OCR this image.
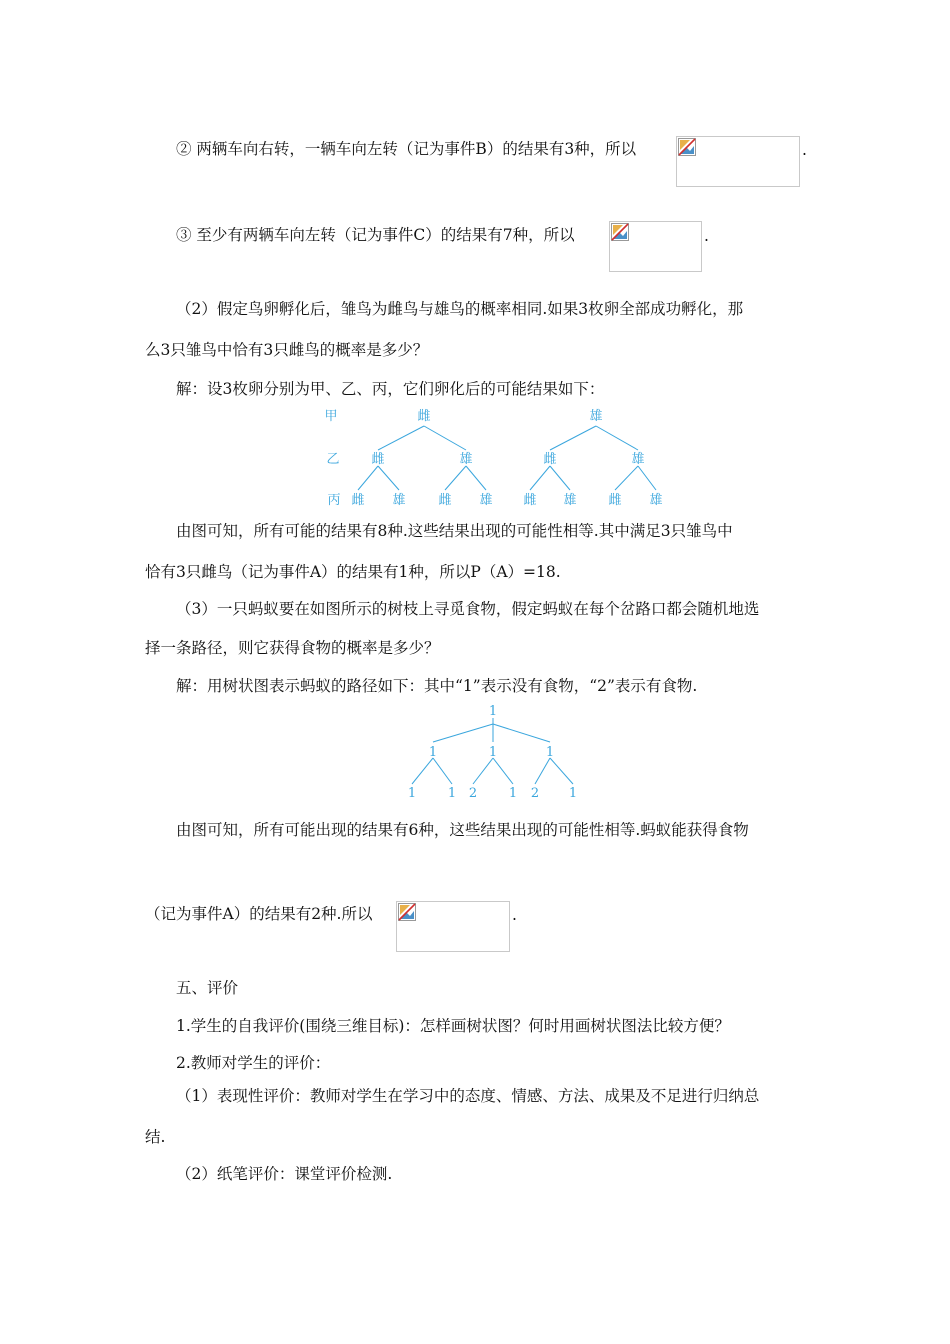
② 两辆车向右转，一辆车向左转（记为事件B）的结果有3种，所以	.
③ 至少有两辆车向左转（记为事件C）的结果有7种，所以	.
（2）假定鸟卵孵化后，雏鸟为雌鸟与雄鸟的概率相同.如果3枚卵全部成功孵化，那
么3只雏鸟中恰有3只雌鸟的概率是多少？
解：设3枚卵分别为甲、乙、丙，它们卵化后的可能结果如下：
甲
乙
丙
雌	雄
雌	雄	雌	雄
雌 雄	雌 雄 雌 雄 雌 雄
由图可知，所有可能的结果有8种.这些结果出现的可能性相等.其中满足3只雏鸟中
恰有3只雌鸟（记为事件A）的结果有1种，所以P（A）=18.
（3）一只蚂蚁要在如图所示的树枝上寻觅食物，假定蚂蚁在每个岔路口都会随机地选
择一条路径，则它获得食物的概率是多少？
解：用树状图表示蚂蚁的路径如下：其中“1”表示没有食物，“2”表示有食物.
1
1	1	1
1 1 2 1 2 1
由图可知，所有可能出现的结果有6种，这些结果出现的可能性相等.蚂蚁能获得食物
（记为事件A）的结果有2种.所以	.
五、评价
1.学生的自我评价(围绕三维目标)：怎样画树状图？何时用画树状图法比较方便？
2.教师对学生的评价：
（1）表现性评价：教师对学生在学习中的态度、情感、方法、成果及不足进行归纳总
结.
（2）纸笔评价：课堂评价检测.
